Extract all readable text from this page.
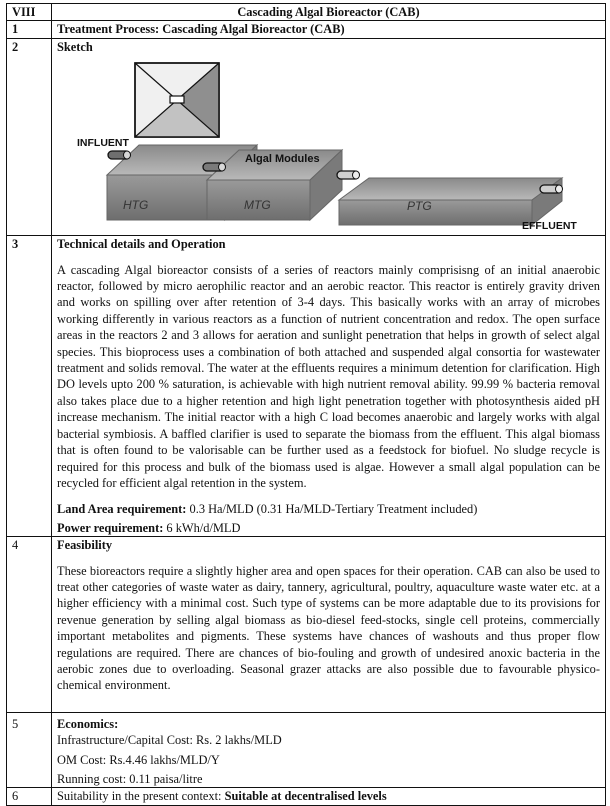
VIII	Cascading Algal Bioreactor (CAB)
1	Treatment Process: Cascading Algal Bioreactor (CAB)
2	Sketch
INFLUENT
Algal Modules
HTG	MTG	PTG
EFFLUENT

3	Technical details and Operation

A cascading Algal bioreactor consists of a series of reactors mainly comprisisng of an initial anaerobic reactor, followed by micro aerophilic reactor and an aerobic reactor. This reactor is entirely gravity driven and works on spilling over after retention of 3-4 days. This basically works with an array of microbes working differently in various reactors as a function of nutrient concentration and redox. The open surface areas in the reactors 2 and 3 allows for aeration and sunlight penetration that helps in growth of select algal species. This bioprocess uses a combination of both attached and suspended algal consortia for wastewater treatment and solids removal. The water at the effluents requires a minimum detention for clarification. High DO levels upto 200 % saturation, is achievable with high nutrient removal ability. 99.99 % bacteria removal also takes place due to a higher retention and high light penetration together with photosynthesis aided pH increase mechanism. The initial reactor with a high C load becomes anaerobic and largely works with algal bacterial symbiosis. A baffled clarifier is used to separate the biomass from the effluent. This algal biomass that is often found to be valorisable can be further used as a feedstock for biofuel. No sludge recycle is required for this process and bulk of the biomass used is algae. However a small algal population can be recycled for efficient algal retention in the system.

Land Area requirement: 0.3 Ha/MLD (0.31 Ha/MLD-Tertiary Treatment included)

Power requirement: 6 kWh/d/MLD

4	Feasibility

These bioreactors require a slightly higher area and open spaces for their operation. CAB can also be used to treat other categories of waste water as dairy, tannery, agricultural, poultry, aquaculture waste water etc. at a higher efficiency with a minimal cost. Such type of systems can be more adaptable due to its provisions for revenue generation by selling algal biomass as bio-diesel feed-stocks, single cell proteins, commercially important metabolites and pigments. These systems have chances of washouts and thus proper flow regulations are required. There are chances of bio-fouling and growth of undesired anoxic bacteria in the aerobic zones due to overloading. Seasonal grazer attacks are also possible due to favourable physico-chemical environment.

5	Economics:

Infrastructure/Capital Cost: Rs. 2 lakhs/MLD

OM Cost: Rs.4.46 lakhs/MLD/Y

Running cost: 0.11 paisa/litre

6	Suitability in the present context: Suitable at decentralised levels
